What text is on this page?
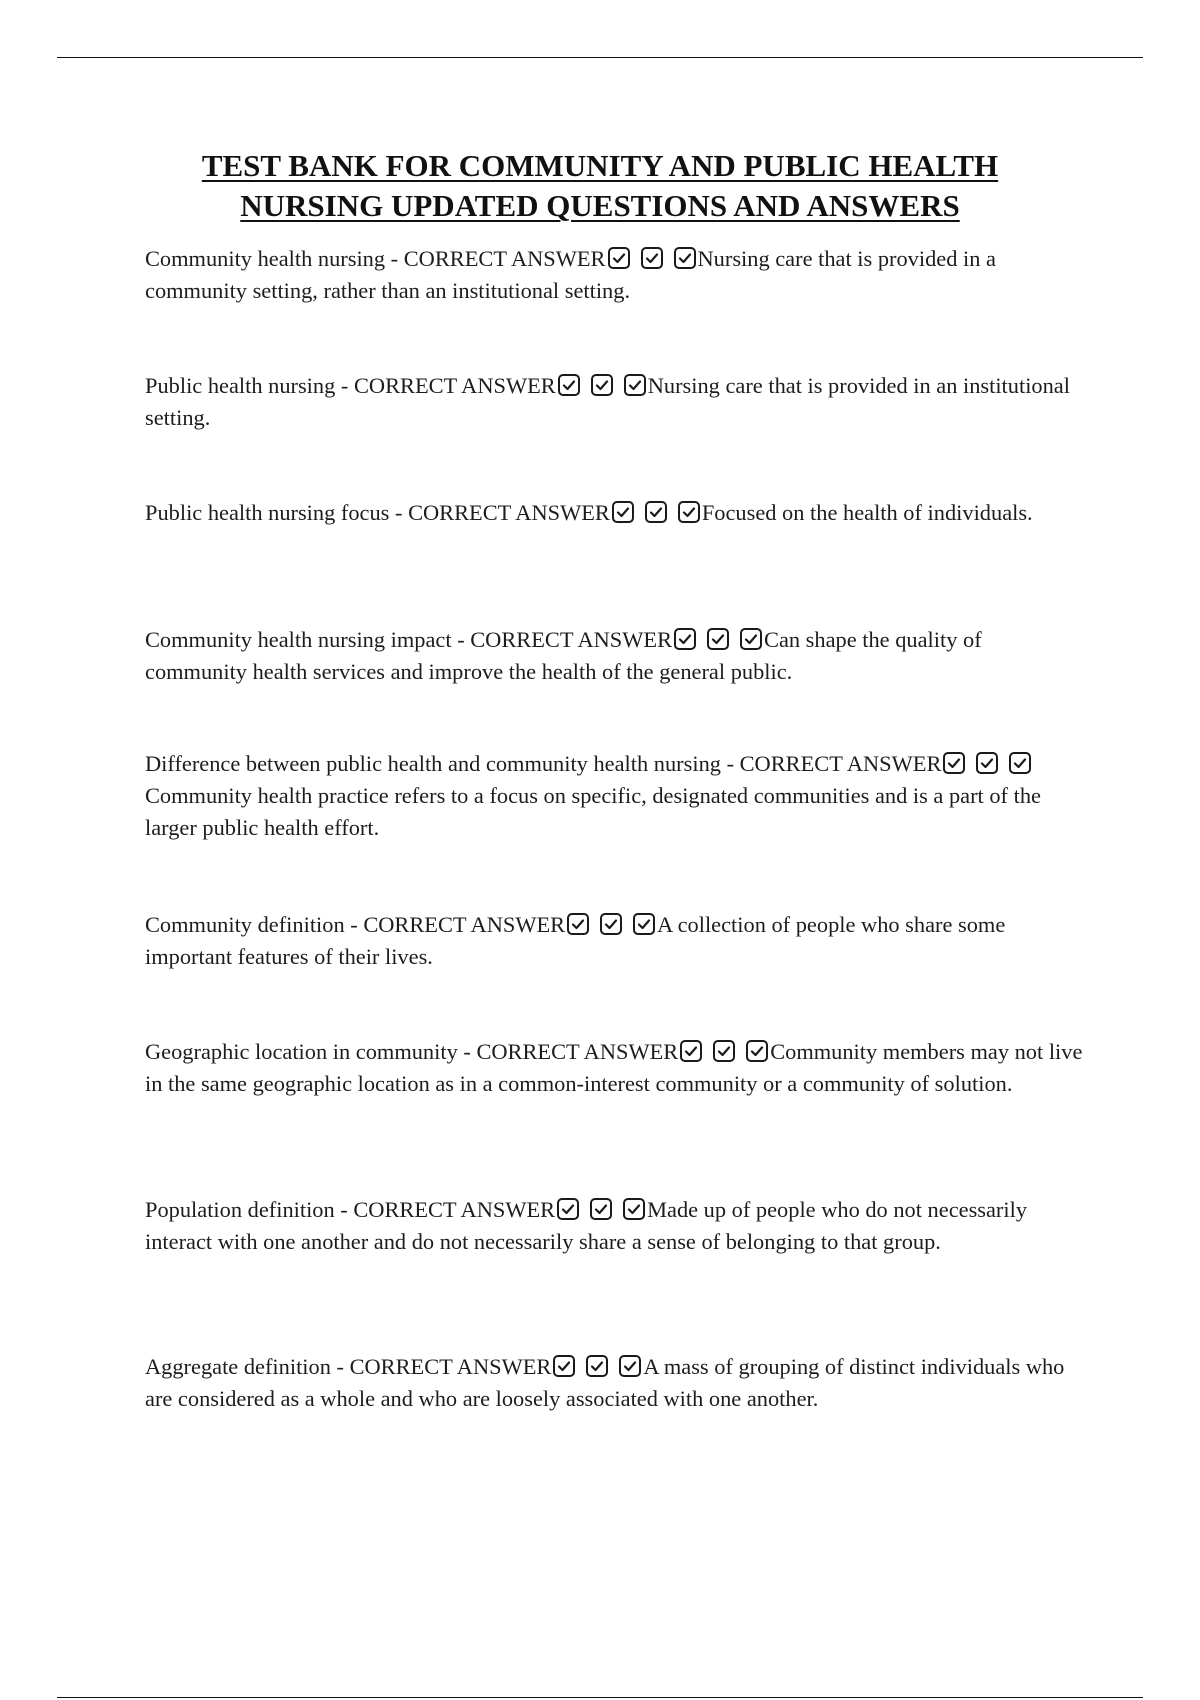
TEST BANK FOR COMMUNITY AND PUBLIC HEALTH
NURSING UPDATED QUESTIONS AND ANSWERS
Community health nursing - CORRECT ANSWER	Nursing care that is provided in a community setting, rather than an institutional setting.
Public health nursing - CORRECT ANSWER	Nursing care that is provided in an institutional setting.
Public health nursing focus - CORRECT ANSWER	Focused on the health of individuals.
Community health nursing impact - CORRECT ANSWER	Can shape the quality of community health services and improve the health of the general public.
Difference between public health and community health nursing - CORRECT ANSWER
Community health practice refers to a focus on specific, designated communities and is a part of the larger public health effort.
Community definition - CORRECT ANSWER	A collection of people who share some important features of their lives.
Geographic location in community - CORRECT ANSWER	Community members may not live in the same geographic location as in a common-interest community or a community of solution.
Population definition - CORRECT ANSWER	Made up of people who do not necessarily interact with one another and do not necessarily share a sense of belonging to that group.
Aggregate definition - CORRECT ANSWER	A mass of grouping of distinct individuals who are considered as a whole and who are loosely associated with one another.
